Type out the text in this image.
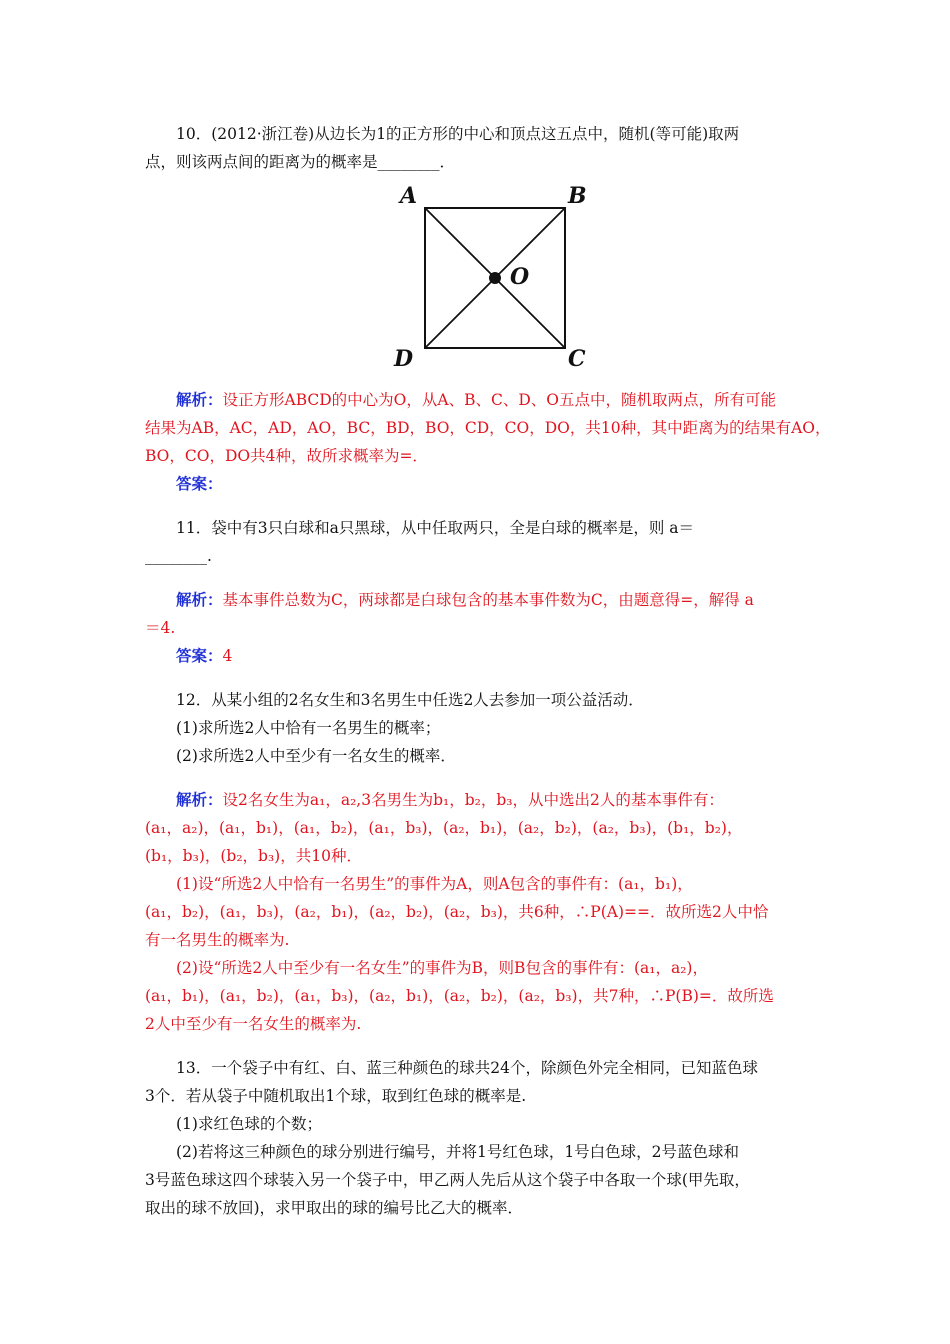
10．(2012·浙江卷)从边长为1的正方形的中心和顶点这五点中，随机(等可能)取两
点，则该两点间的距离为的概率是________．
A	B
C
D
O
解析：设正方形ABCD的中心为O，从A、B、C、D、O五点中，随机取两点，所有可能
结果为AB，AC，AD，AO，BC，BD，BO，CD，CO，DO，共10种，其中距离为的结果有AO，
BO，CO，DO共4种，故所求概率为=．
答案：
11．袋中有3只白球和a只黑球，从中任取两只，全是白球的概率是，则 a＝
________.
解析：基本事件总数为C，两球都是白球包含的基本事件数为C，由题意得=，解得 a
＝4.
答案：4
12．从某小组的2名女生和3名男生中任选2人去参加一项公益活动．
(1)求所选2人中恰有一名男生的概率；
(2)求所选2人中至少有一名女生的概率．
解析：设2名女生为a₁，a₂,3名男生为b₁，b₂，b₃，从中选出2人的基本事件有：
(a₁，a₂)，(a₁，b₁)，(a₁，b₂)，(a₁，b₃)，(a₂，b₁)，(a₂，b₂)，(a₂，b₃)，(b₁，b₂)，
(b₁，b₃)，(b₂，b₃)，共10种．
(1)设“所选2人中恰有一名男生”的事件为A，则A包含的事件有：(a₁，b₁)，
(a₁，b₂)，(a₁，b₃)，(a₂，b₁)，(a₂，b₂)，(a₂，b₃)，共6种，∴P(A)==．故所选2人中恰
有一名男生的概率为.
(2)设“所选2人中至少有一名女生”的事件为B，则B包含的事件有：(a₁，a₂)，
(a₁，b₁)，(a₁，b₂)，(a₁，b₃)，(a₂，b₁)，(a₂，b₂)，(a₂，b₃)，共7种，∴P(B)=．故所选
2人中至少有一名女生的概率为.
13．一个袋子中有红、白、蓝三种颜色的球共24个，除颜色外完全相同，已知蓝色球
3个．若从袋子中随机取出1个球，取到红色球的概率是.
(1)求红色球的个数；
(2)若将这三种颜色的球分别进行编号，并将1号红色球，1号白色球，2号蓝色球和
3号蓝色球这四个球装入另一个袋子中，甲乙两人先后从这个袋子中各取一个球(甲先取，
取出的球不放回)，求甲取出的球的编号比乙大的概率．
